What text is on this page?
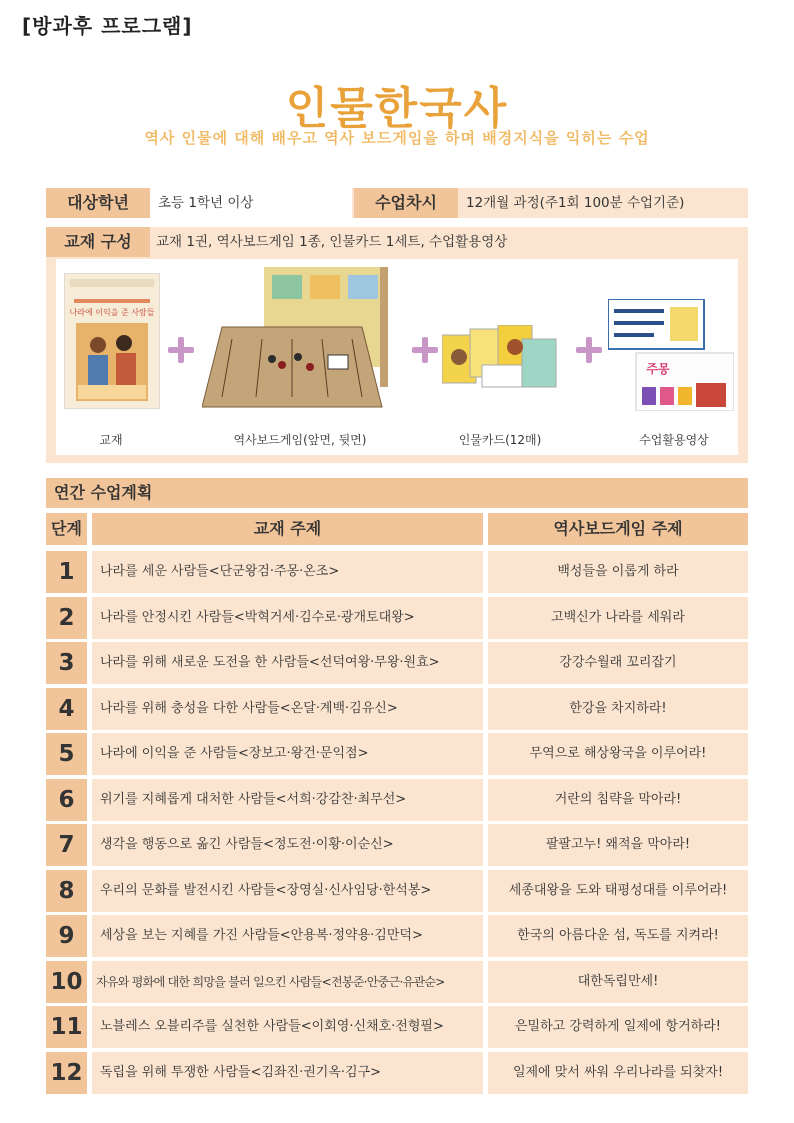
[방과후 프로그램]
인물한국사
역사 인물에 대해 배우고 역사 보드게임을 하며 배경지식을 익히는 수업
대상학년	초등 1학년 이상	수업차시	12개월 과정(주1회 100분 수업기준)
교재 구성	교재 1권, 역사보드게임 1종, 인물카드 1세트, 수업활용영상
나라에 이익을 준 사람들
주몽
교재	역사보드게임(앞면, 뒷면)	인물카드(12매)	수업활용영상
연간 수업계획
단계	교재 주제	역사보드게임 주제
1	나라를 세운 사람들<단군왕검·주몽·온조>	백성들을 이롭게 하라
2	나라를 안정시킨 사람들<박혁거세·김수로·광개토대왕>	고백신가 나라를 세워라
3	나라를 위해 새로운 도전을 한 사람들<선덕여왕·무왕·원효>	강강수월래 꼬리잡기
4	나라를 위해 충성을 다한 사람들<온달·계백·김유신>	한강을 차지하라!
5	나라에 이익을 준 사람들<장보고·왕건·문익점>	무역으로 해상왕국을 이루어라!
6	위기를 지혜롭게 대처한 사람들<서희·강감찬·최무선>	거란의 침략을 막아라!
7	생각을 행동으로 옮긴 사람들<정도전·이황·이순신>	팔팔고누! 왜적을 막아라!
8	우리의 문화를 발전시킨 사람들<장영실·신사임당·한석봉>	세종대왕을 도와 태평성대를 이루어라!
9	세상을 보는 지혜를 가진 사람들<안용복·정약용·김만덕>	한국의 아름다운 섬, 독도를 지켜라!
10	자유와 평화에 대한 희망을 불러 일으킨 사람들<전봉준·안중근·유관순>	대한독립만세!
11	노블레스 오블리주를 실천한 사람들<이회영·신채호·전형필>	은밀하고 강력하게 일제에 항거하라!
12	독립을 위해 투쟁한 사람들<김좌진·권기옥·김구>	일제에 맞서 싸워 우리나라를 되찾자!
